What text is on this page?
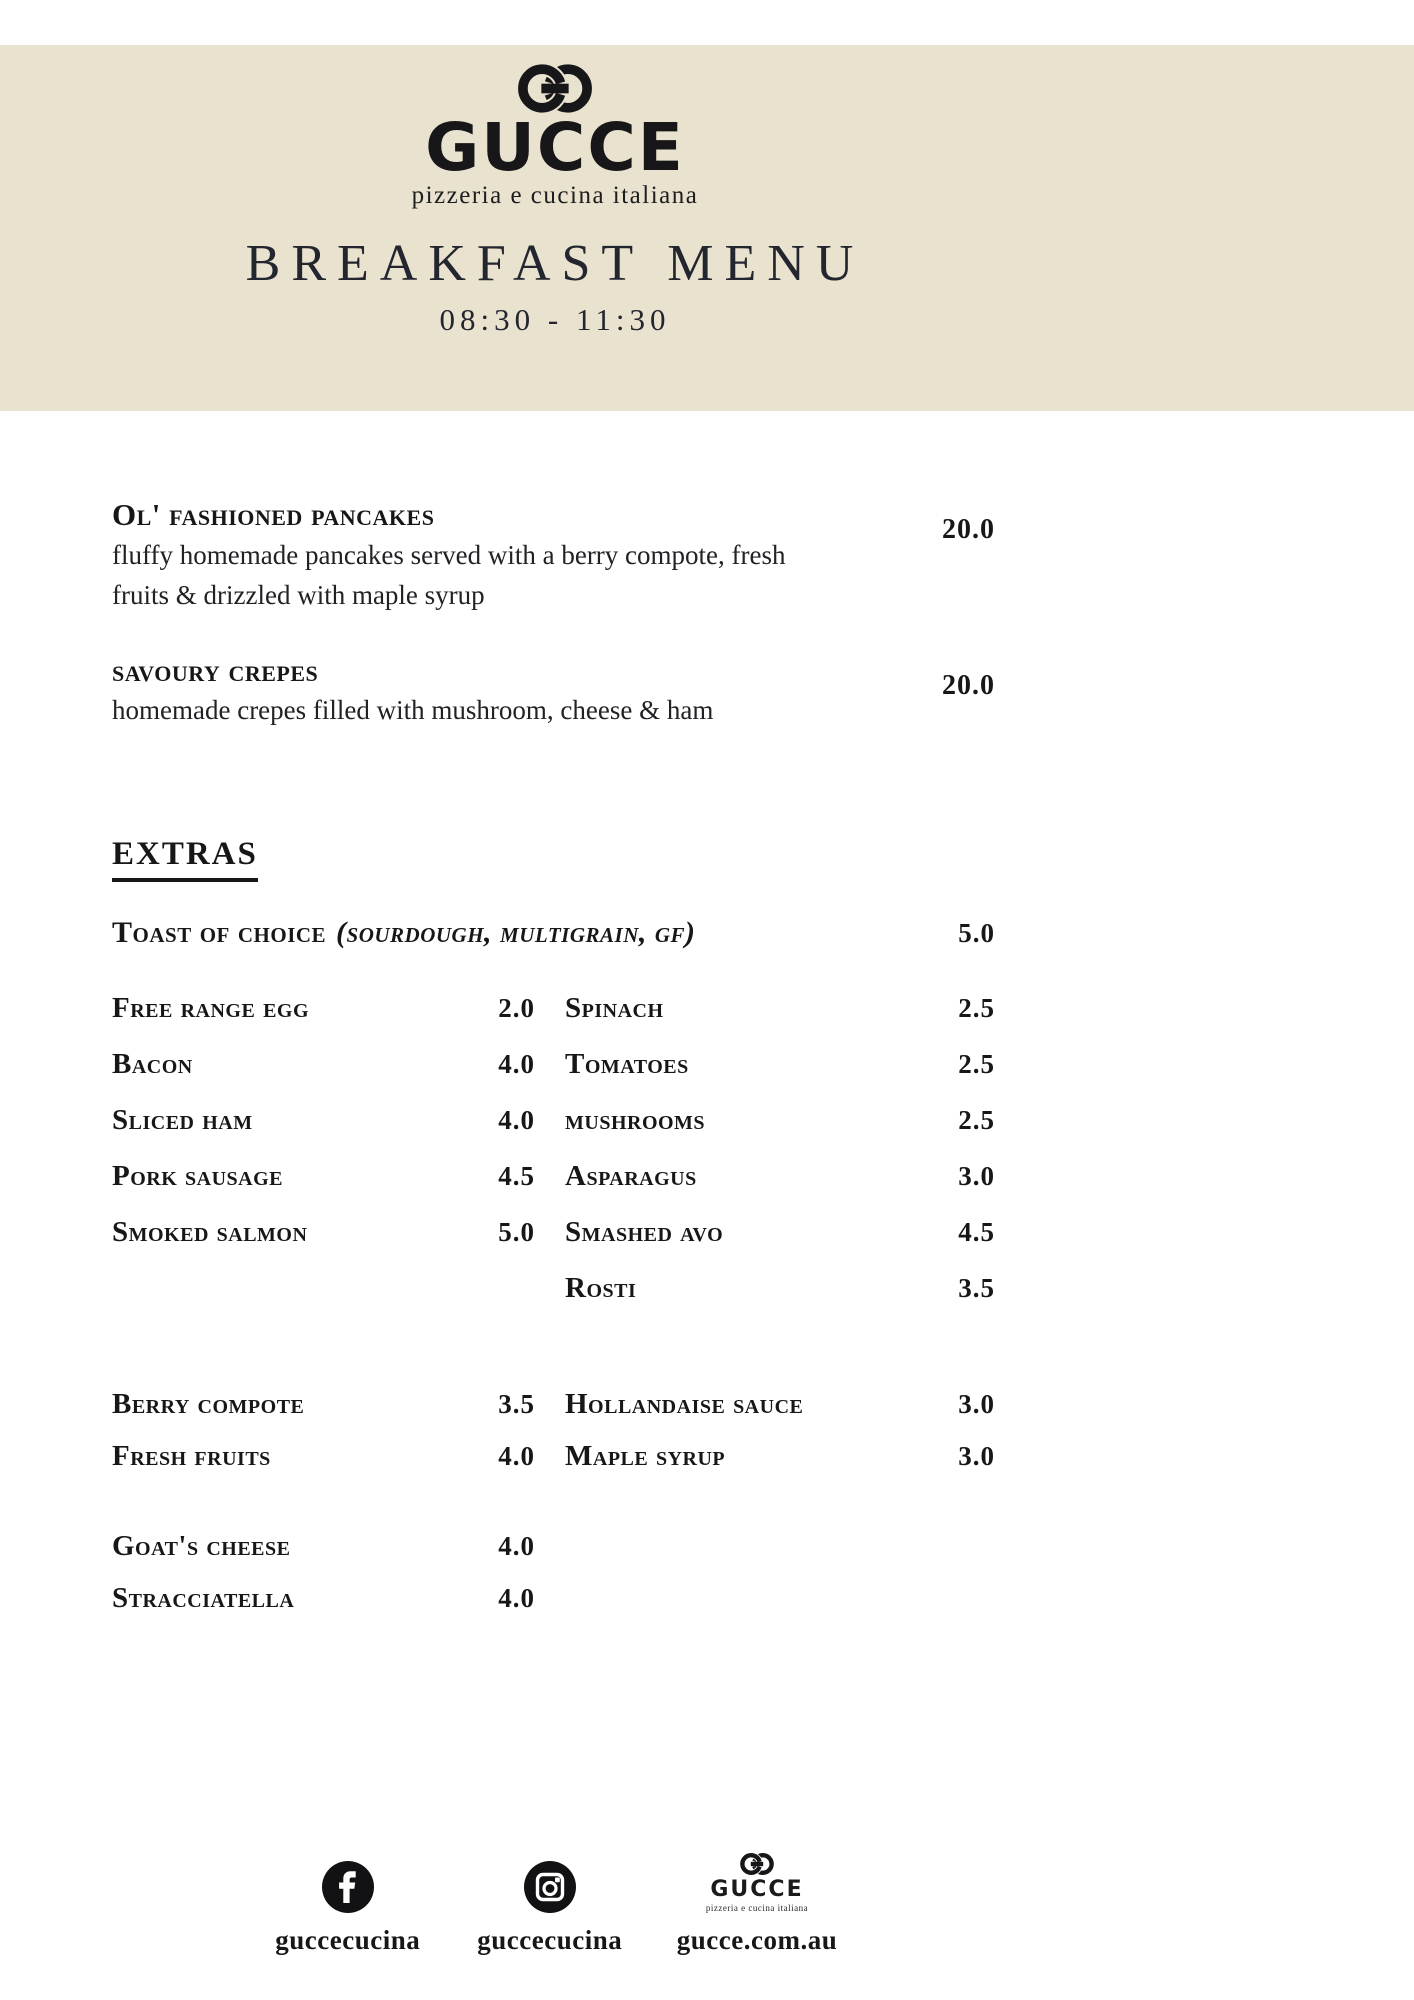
GUCCE
pizzeria e cucina italiana
BREAKFAST MENU
08:30 - 11:30
Ol' fashioned pancakes
fluffy homemade pancakes served with a berry compote, fresh fruits & drizzled with maple syrup
20.0
savoury crepes
homemade crepes filled with mushroom, cheese & ham
20.0
EXTRAS
Toast of choice (sourdough, multigrain, gf)	5.0
Free range egg	2.0
Bacon	4.0
Sliced ham	4.0
Pork sausage	4.5
Smoked salmon	5.0
Spinach	2.5
Tomatoes	2.5
mushrooms	2.5
Asparagus	3.0
Smashed avo	4.5
Rosti	3.5
Berry compote	3.5
Fresh fruits	4.0
Hollandaise sauce	3.0
Maple syrup	3.0
Goat's cheese	4.0
Stracciatella	4.0
guccecucina guccecucina
GUCCE
pizzeria e cucina italiana
gucce.com.au
